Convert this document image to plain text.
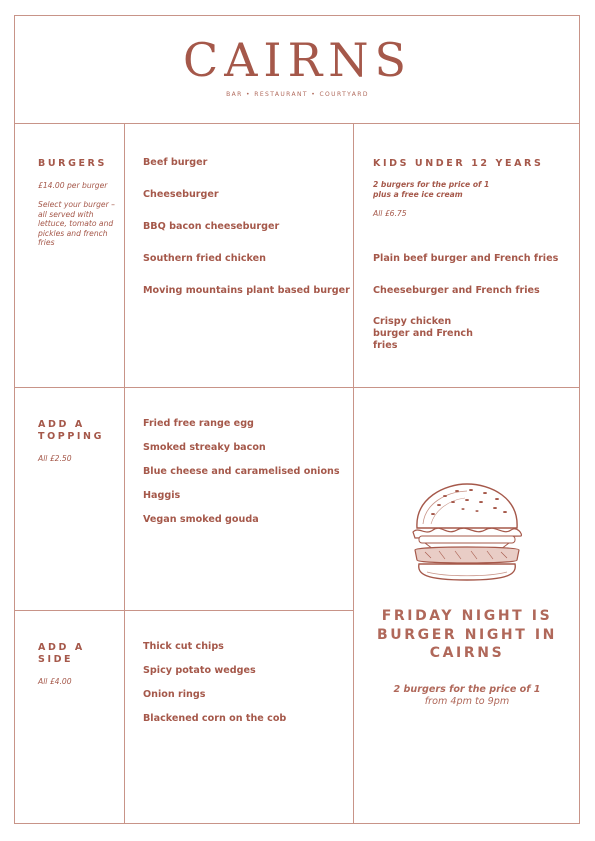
CAIRNS
BAR • RESTAURANT • COURTYARD
BURGERS
£14.00 per burger
Select your burger – all served with lettuce, tomato and pickles and french fries
Beef burger
Cheeseburger
BBQ bacon cheeseburger
Southern fried chicken
Moving mountains plant based burger
KIDS UNDER 12 YEARS
2 burgers for the price of 1 plus a free ice cream
All £6.75
Plain beef burger and French fries
Cheeseburger and French fries
Crispy chicken burger and French fries
ADD A TOPPING
All £2.50
Fried free range egg
Smoked streaky bacon
Blue cheese and caramelised onions
Haggis
Vegan smoked gouda
ADD A SIDE
All £4.00
Thick cut chips
Spicy potato wedges
Onion rings
Blackened corn on the cob
FRIDAY NIGHT IS BURGER NIGHT IN CAIRNS
2 burgers for the price of 1
from 4pm to 9pm
